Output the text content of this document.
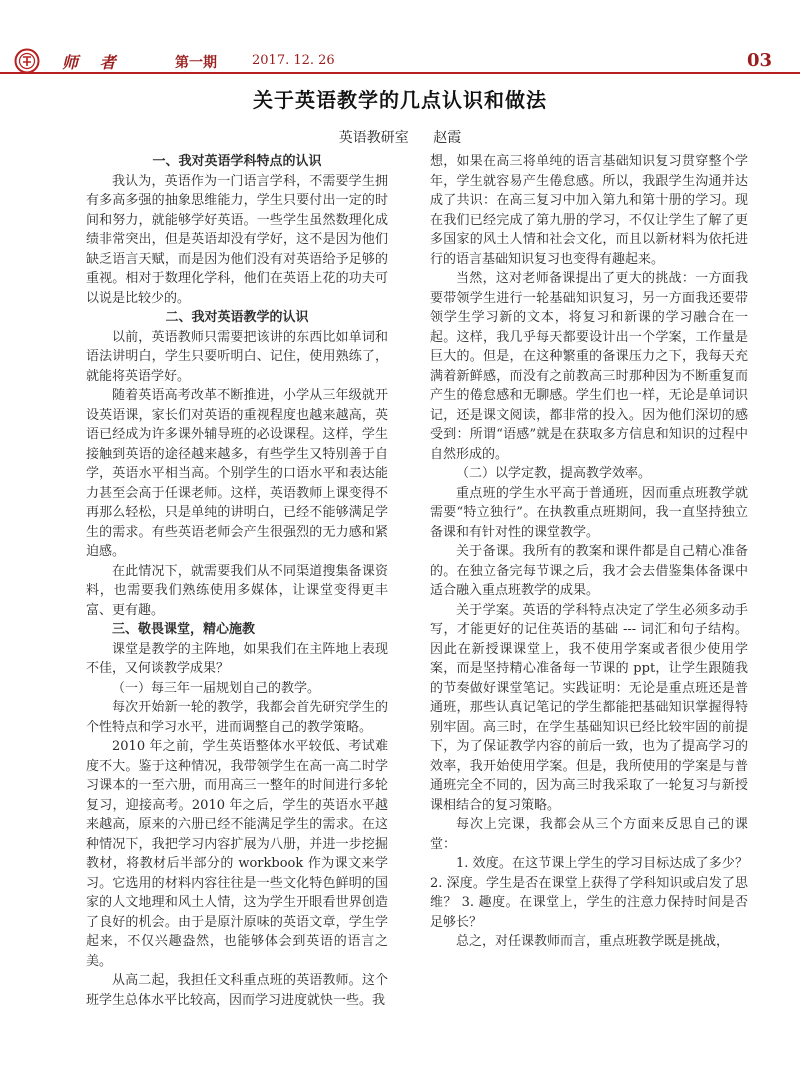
师 者	第一期	2017. 12. 26	03
关于英语教学的几点认识和做法
英语教研室 赵霞
一、我对英语学科特点的认识

我认为，英语作为一门语言学科，不需要学生拥有多高多强的抽象思维能力，学生只要付出一定的时间和努力，就能够学好英语。一些学生虽然数理化成绩非常突出，但是英语却没有学好，这不是因为他们缺乏语言天赋，而是因为他们没有对英语给予足够的重视。相对于数理化学科，他们在英语上花的功夫可以说是比较少的。

二、我对英语教学的认识

以前，英语教师只需要把该讲的东西比如单词和语法讲明白，学生只要听明白、记住，使用熟练了，就能将英语学好。

随着英语高考改革不断推进，小学从三年级就开设英语课，家长们对英语的重视程度也越来越高，英语已经成为许多课外辅导班的必设课程。这样，学生接触到英语的途径越来越多，有些学生又特别善于自学，英语水平相当高。个别学生的口语水平和表达能力甚至会高于任课老师。这样，英语教师上课变得不再那么轻松，只是单纯的讲明白，已经不能够满足学生的需求。有些英语老师会产生很强烈的无力感和紧迫感。

在此情况下，就需要我们从不同渠道搜集备课资料，也需要我们熟练使用多媒体，让课堂变得更丰富、更有趣。

三、敬畏课堂，精心施教

课堂是教学的主阵地，如果我们在主阵地上表现不佳，又何谈教学成果？

（一）每三年一届规划自己的教学。

每次开始新一轮的教学，我都会首先研究学生的个性特点和学习水平，进而调整自己的教学策略。

2010 年之前，学生英语整体水平较低、考试难度不大。鉴于这种情况，我带领学生在高一高二时学习课本的一至六册，而用高三一整年的时间进行多轮复习，迎接高考。2010 年之后，学生的英语水平越来越高，原来的六册已经不能满足学生的需求。在这种情况下，我把学习内容扩展为八册，并进一步挖掘教材，将教材后半部分的 workbook 作为课文来学习。它选用的材料内容往往是一些文化特色鲜明的国家的人文地理和风土人情，这为学生开眼看世界创造了良好的机会。由于是原汁原味的英语文章，学生学起来，不仅兴趣盎然，也能够体会到英语的语言之美。

从高二起，我担任文科重点班的英语教师。这个班学生总体水平比较高，因而学习进度就快一些。我

想，如果在高三将单纯的语言基础知识复习贯穿整个学年，学生就容易产生倦怠感。所以，我跟学生沟通并达成了共识：在高三复习中加入第九和第十册的学习。现在我们已经完成了第九册的学习，不仅让学生了解了更多国家的风土人情和社会文化，而且以新材料为依托进行的语言基础知识复习也变得有趣起来。

当然，这对老师备课提出了更大的挑战：一方面我要带领学生进行一轮基础知识复习，另一方面我还要带领学生学习新的文本，将复习和新课的学习融合在一起。这样，我几乎每天都要设计出一个学案，工作量是巨大的。但是，在这种繁重的备课压力之下，我每天充满着新鲜感，而没有之前教高三时那种因为不断重复而产生的倦怠感和无聊感。学生们也一样，无论是单词识记，还是课文阅读，都非常的投入。因为他们深切的感受到：所谓“语感”就是在获取多方信息和知识的过程中自然形成的。

（二）以学定教，提高教学效率。

重点班的学生水平高于普通班，因而重点班教学就需要“特立独行”。在执教重点班期间，我一直坚持独立备课和有针对性的课堂教学。

关于备课。我所有的教案和课件都是自己精心准备的。在独立备完每节课之后，我才会去借鉴集体备课中适合融入重点班教学的成果。

关于学案。英语的学科特点决定了学生必须多动手写，才能更好的记住英语的基础 --- 词汇和句子结构。因此在新授课课堂上，我不使用学案或者很少使用学案，而是坚持精心准备每一节课的 ppt，让学生跟随我的节奏做好课堂笔记。实践证明：无论是重点班还是普通班，那些认真记笔记的学生都能把基础知识掌握得特别牢固。高三时，在学生基础知识已经比较牢固的前提下，为了保证教学内容的前后一致，也为了提高学习的效率，我开始使用学案。但是，我所使用的学案是与普通班完全不同的，因为高三时我采取了一轮复习与新授课相结合的复习策略。

每次上完课，我都会从三个方面来反思自己的课堂：

1. 效度。在这节课上学生的学习目标达成了多少？ 2. 深度。学生是否在课堂上获得了学科知识或启发了思维？ 3. 趣度。在课堂上，学生的注意力保持时间是否足够长？

总之，对任课教师而言，重点班教学既是挑战，
